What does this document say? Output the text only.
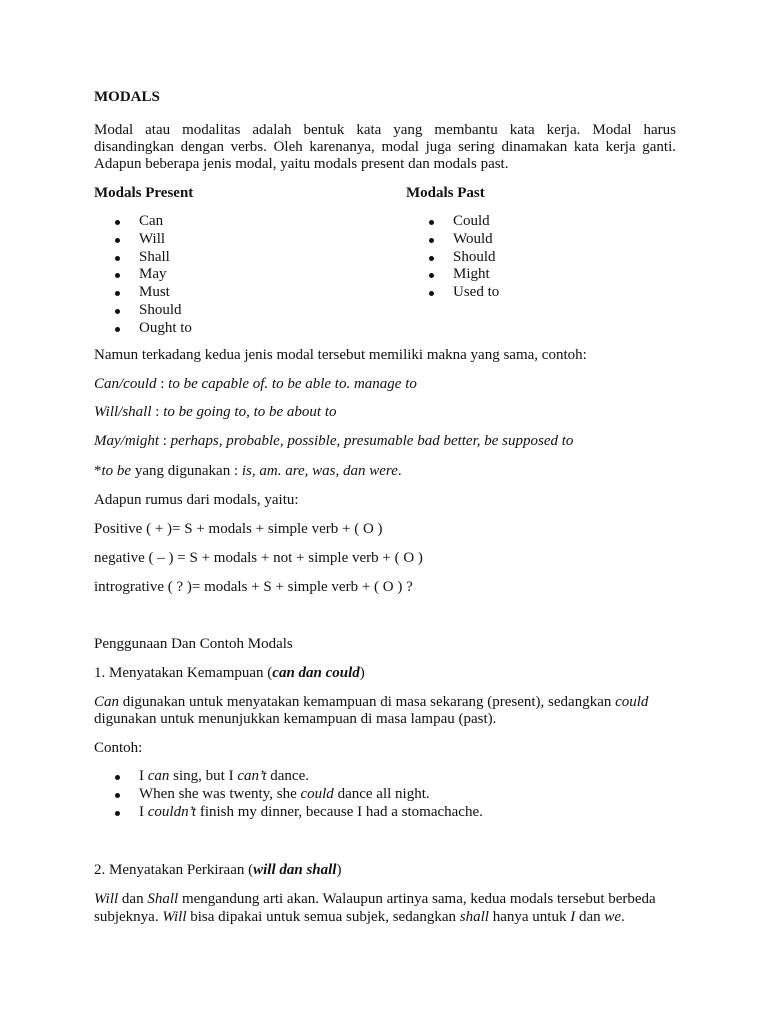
MODALS
Modal atau modalitas adalah bentuk kata yang membantu kata kerja. Modal harus
disandingkan dengan verbs. Oleh karenanya, modal juga sering dinamakan kata kerja ganti.
Adapun beberapa jenis modal, yaitu modals present dan modals past.
Modals Present	Modals Past
Can
Will
Shall
May
Must
Should
Ought to
Could
Would
Should
Might
Used to
Namun terkadang kedua jenis modal tersebut memiliki makna yang sama, contoh:
Can/could : to be capable of. to be able to. manage to
Will/shall : to be going to, to be about to
May/might : perhaps, probable, possible, presumable bad better, be supposed to
*to be yang digunakan : is, am. are, was, dan were.
Adapun rumus dari modals, yaitu:
Positive ( + )= S + modals + simple verb + ( O )
negative ( – ) = S + modals + not + simple verb + ( O )
introgrative ( ? )= modals + S + simple verb + ( O ) ?
Penggunaan Dan Contoh Modals
1. Menyatakan Kemampuan (can dan could)
Can digunakan untuk menyatakan kemampuan di masa sekarang (present), sedangkan could
digunakan untuk menunjukkan kemampuan di masa lampau (past).
Contoh:
I can sing, but I can’t dance.
When she was twenty, she could dance all night.
I couldn’t finish my dinner, because I had a stomachache.
2. Menyatakan Perkiraan (will dan shall)
Will dan Shall mengandung arti akan. Walaupun artinya sama, kedua modals tersebut berbeda
subjeknya. Will bisa dipakai untuk semua subjek, sedangkan shall hanya untuk I dan we.
